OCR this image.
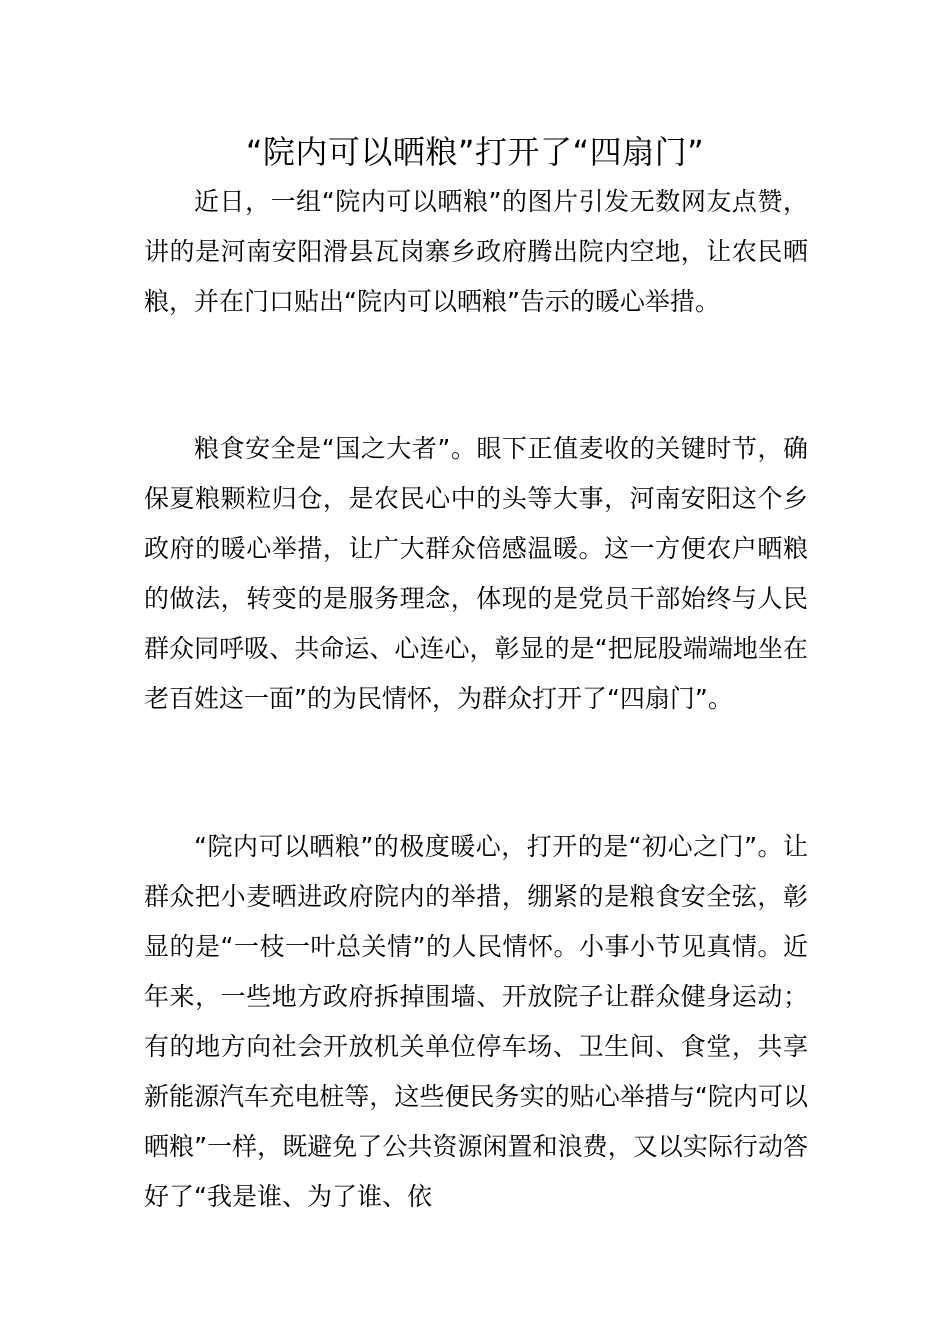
“院内可以晒粮”打开了“四扇门”

近日，一组“院内可以晒粮”的图片引发无数网友点赞，讲的是河南安阳滑县瓦岗寨乡政府腾出院内空地，让农民晒粮，并在门口贴出“院内可以晒粮”告示的暖心举措。

粮食安全是“国之大者”。眼下正值麦收的关键时节，确保夏粮颗粒归仓，是农民心中的头等大事，河南安阳这个乡政府的暖心举措，让广大群众倍感温暖。这一方便农户晒粮的做法，转变的是服务理念，体现的是党员干部始终与人民群众同呼吸、共命运、心连心，彰显的是“把屁股端端地坐在老百姓这一面”的为民情怀，为群众打开了“四扇门”。

“院内可以晒粮”的极度暖心，打开的是“初心之门”。让群众把小麦晒进政府院内的举措，绷紧的是粮食安全弦，彰显的是“一枝一叶总关情”的人民情怀。小事小节见真情。近年来，一些地方政府拆掉围墙、开放院子让群众健身运动；有的地方向社会开放机关单位停车场、卫生间、食堂，共享新能源汽车充电桩等，这些便民务实的贴心举措与“院内可以晒粮”一样，既避免了公共资源闲置和浪费，又以实际行动答好了“我是谁、为了谁、依
